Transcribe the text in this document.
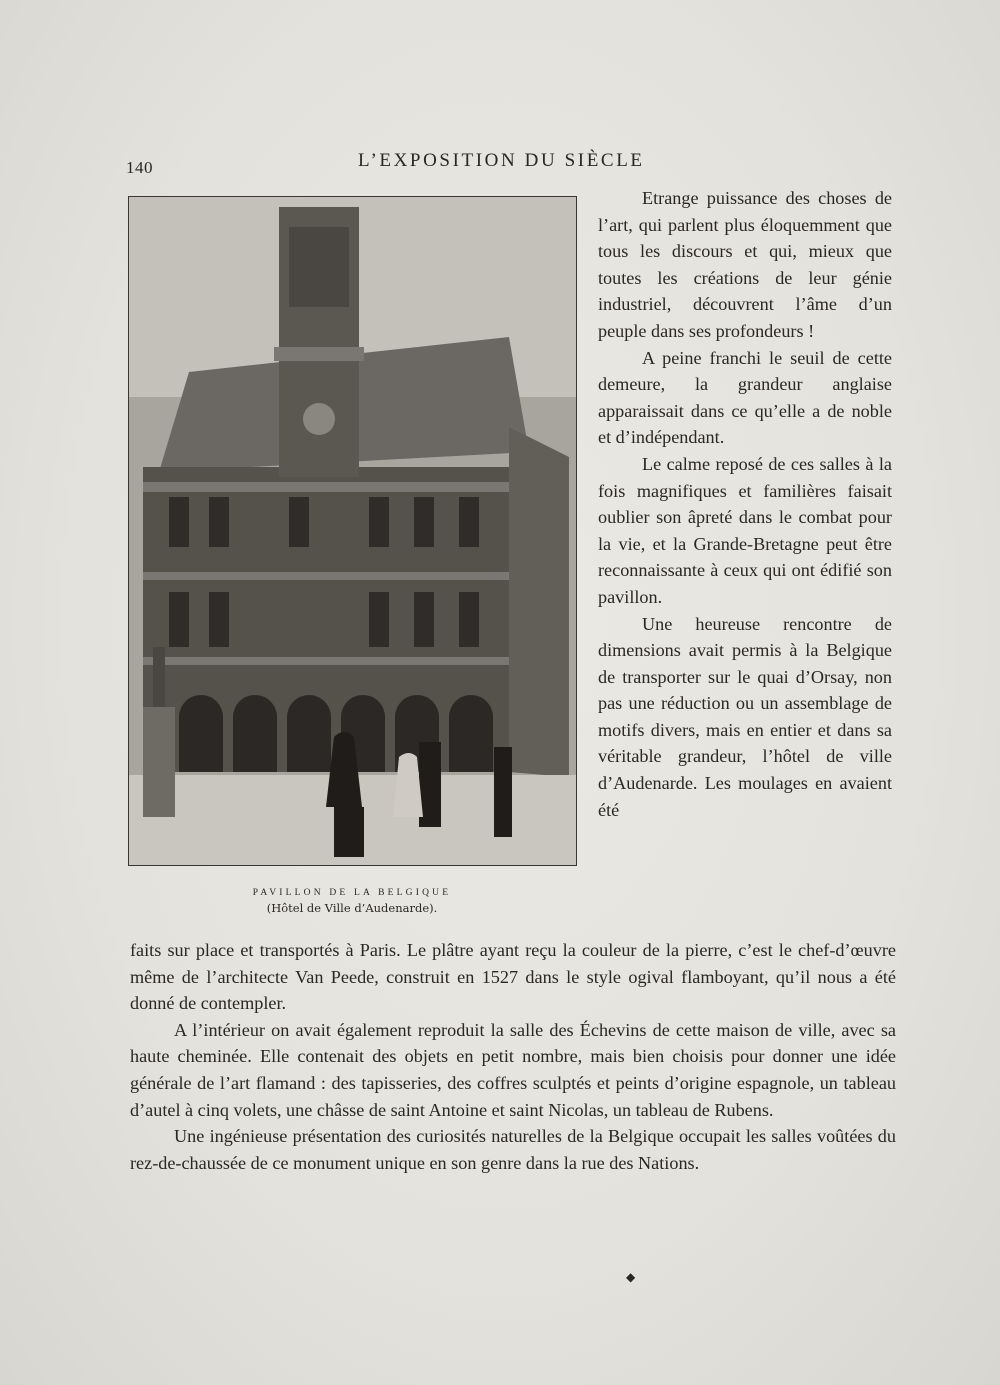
140	L’EXPOSITION DU SIÈCLE
PAVILLON DE LA BELGIQUE
(Hôtel de Ville d’Audenarde).

Etrange puissance des choses de l’art, qui parlent plus éloquemment que tous les discours et qui, mieux que toutes les créations de leur génie industriel, découvrent l’âme d’un peuple dans ses profondeurs !

A peine franchi le seuil de cette demeure, la grandeur anglaise apparaissait dans ce qu’elle a de noble et d’indépendant.

Le calme reposé de ces salles à la fois magnifiques et familières faisait oublier son âpreté dans le combat pour la vie, et la Grande-Bretagne peut être reconnaissante à ceux qui ont édifié son pavillon.

Une heureuse rencontre de dimensions avait permis à la Belgique de transporter sur le quai d’Orsay, non pas une réduction ou un assemblage de motifs divers, mais en entier et dans sa véritable grandeur, l’hôtel de ville d’Audenarde. Les moulages en avaient été

faits sur place et transportés à Paris. Le plâtre ayant reçu la couleur de la pierre, c’est le chef-d’œuvre même de l’architecte Van Peede, construit en 1527 dans le style ogival flamboyant, qu’il nous a été donné de contempler.

A l’intérieur on avait également reproduit la salle des Échevins de cette maison de ville, avec sa haute cheminée. Elle contenait des objets en petit nombre, mais bien choisis pour donner une idée générale de l’art flamand : des tapisseries, des coffres sculptés et peints d’origine espagnole, un tableau d’autel à cinq volets, une châsse de saint Antoine et saint Nicolas, un tableau de Rubens.

Une ingénieuse présentation des curiosités naturelles de la Belgique occupait les salles voûtées du rez-de-chaussée de ce monument unique en son genre dans la rue des Nations.

◆
